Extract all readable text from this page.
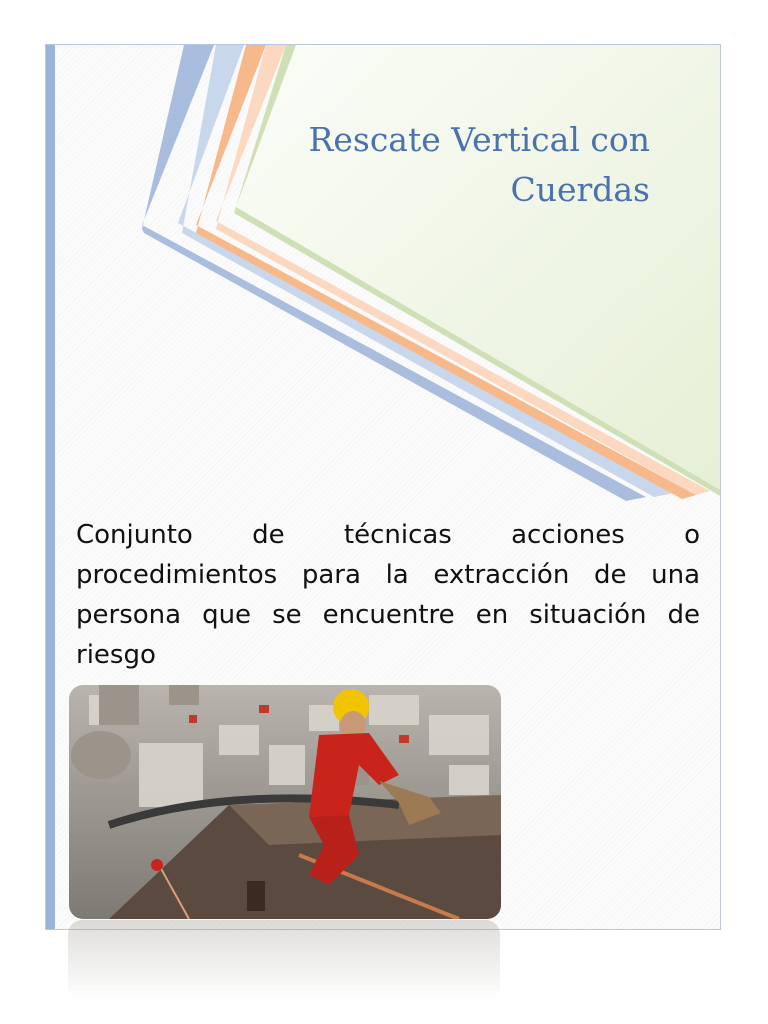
Rescate Vertical con
Cuerdas
Conjunto de técnicas acciones o procedimientos para la extracción de una persona que se encuentre en situación de riesgo
